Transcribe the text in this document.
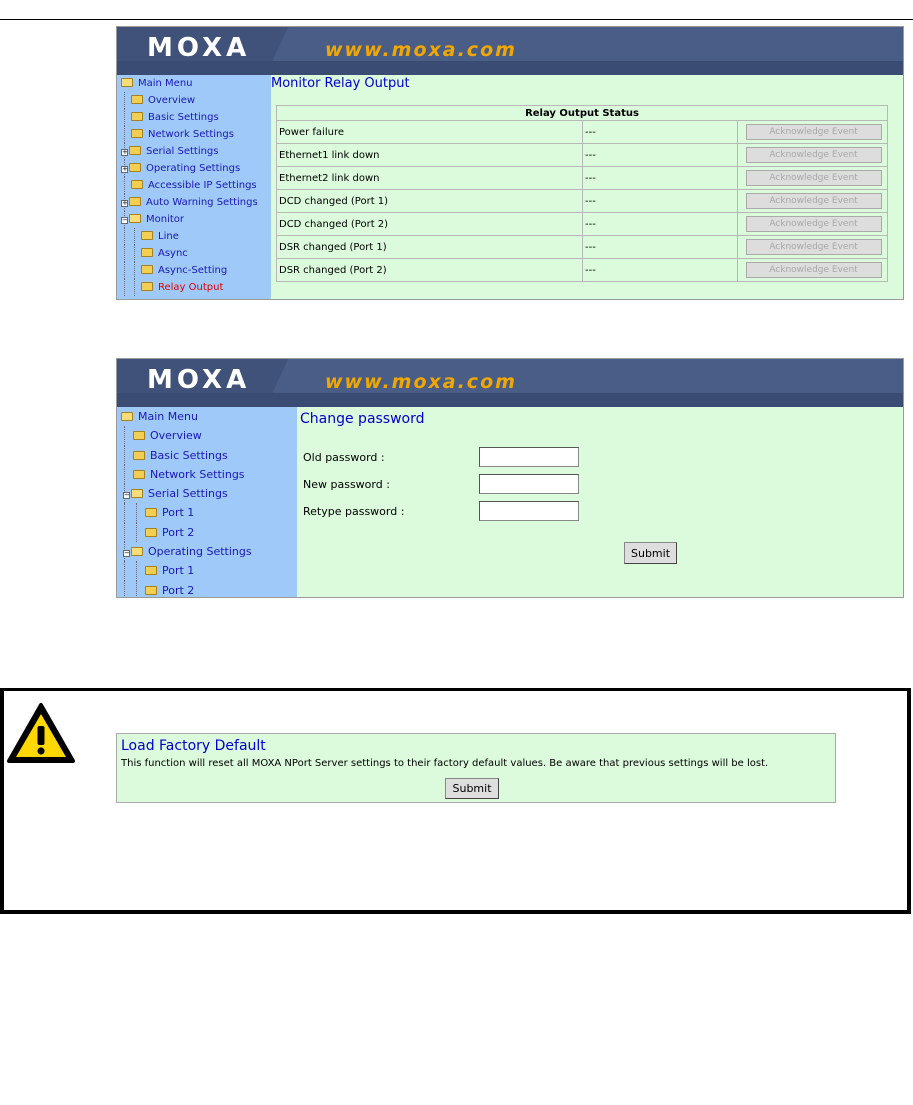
MOXA	www.moxa.com
Main Menu
Overview
Basic Settings
Network Settings
+ Serial Settings
+ Operating Settings
Accessible IP Settings
+ Auto Warning Settings
− Monitor
Line
Async
Async-Setting
Relay Output
Monitor Relay Output
Relay Output Status		
Power failure	---	Acknowledge Event

Ethernet1 link down	---	Acknowledge Event

Ethernet2 link down	---	Acknowledge Event

DCD changed (Port 1)	---	Acknowledge Event

DCD changed (Port 2)	---	Acknowledge Event

DSR changed (Port 1)	---	Acknowledge Event

DSR changed (Port 2)	---	Acknowledge Event
MOXA	www.moxa.com
Main Menu
Overview
Basic Settings
Network Settings
− Serial Settings
Port 1
Port 2
− Operating Settings
Port 1
Port 2
Change password
Old password :
New password :
Retype password :
Submit
Load Factory Default
This function will reset all MOXA NPort Server settings to their factory default values. Be aware that previous settings will be lost.
Submit
